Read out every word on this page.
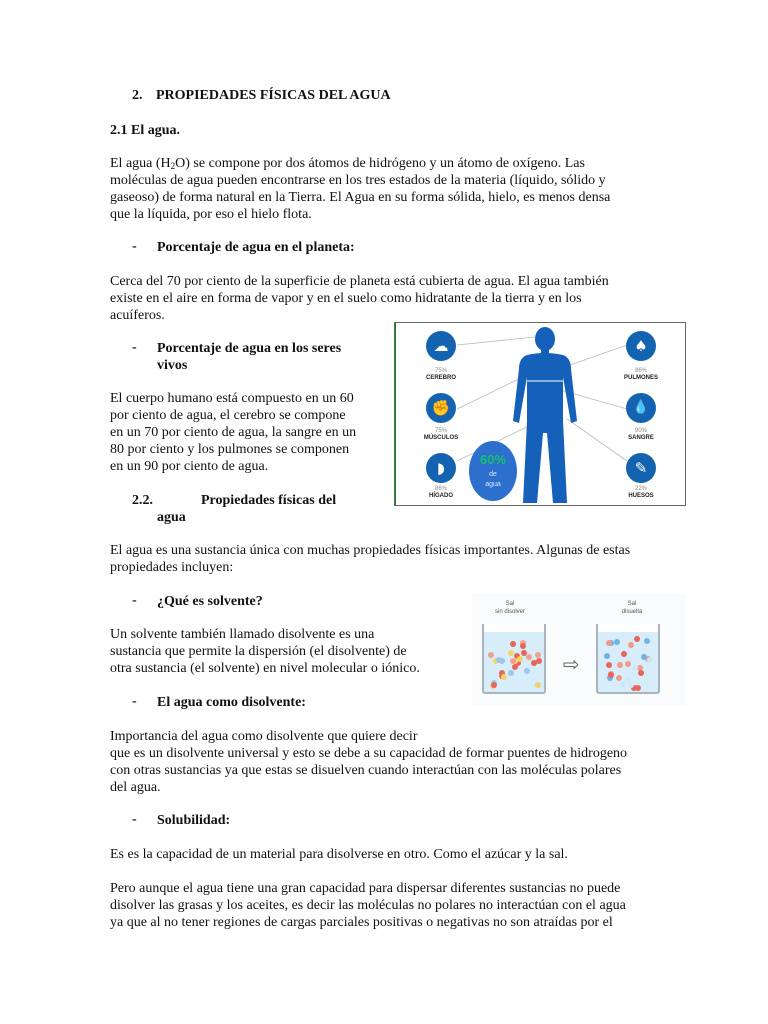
2. PROPIEDADES FÍSICAS DEL AGUA
2.1 El agua.
El agua $(H_2O)$ se compone por dos átomos de hidrógeno y un átomo de oxígeno. Las
moléculas de agua pueden encontrarse en los tres estados de la materia (líquido, sólido y
gaseoso) de forma natural en la Tierra. El Agua en su forma sólida, hielo, es menos densa
que la líquida, por eso el hielo flota.
- Porcentaje de agua en el planeta:
Cerca del 70 por ciento de la superficie de planeta está cubierta de agua. El agua también
existe en el aire en forma de vapor y en el suelo como hidratante de la tierra y en los
acuíferos.
- Porcentaje de agua en los seres
vivos
El cuerpo humano está compuesto en un 60
por ciento de agua, el cerebro se compone
en un 70 por ciento de agua, la sangre en un
80 por ciento y los pulmones se componen
en un 90 por ciento de agua.
☁
75%
CEREBRO
✊
75%
MÚSCULOS
◗
86%
HÍGADO
♠
86%
PULMONES
💧
90%
SANGRE
✎
22%
HUESOS
60%
de
agua
2.2.	Propiedades físicas del
agua
El agua es una sustancia única con muchas propiedades físicas importantes. Algunas de estas
propiedades incluyen:
- ¿Qué es solvente?
Un solvente también llamado disolvente es una
sustancia que permite la dispersión (el disolvente) de
otra sustancia (el solvente) en nivel molecular o iónico.
Sal
sin disolver
Sal
disuelta
⇨
- El agua como disolvente:
Importancia del agua como disolvente que quiere decir
que es un disolvente universal y esto se debe a su capacidad de formar puentes de hidrogeno
con otras sustancias ya que estas se disuelven cuando interactúan con las moléculas polares
del agua.
- Solubilidad:
Es es la capacidad de un material para disolverse en otro. Como el azúcar y la sal.
Pero aunque el agua tiene una gran capacidad para dispersar diferentes sustancias no puede
disolver las grasas y los aceites, es decir las moléculas no polares no interactúan con el agua
ya que al no tener regiones de cargas parciales positivas o negativas no son atraídas por el
